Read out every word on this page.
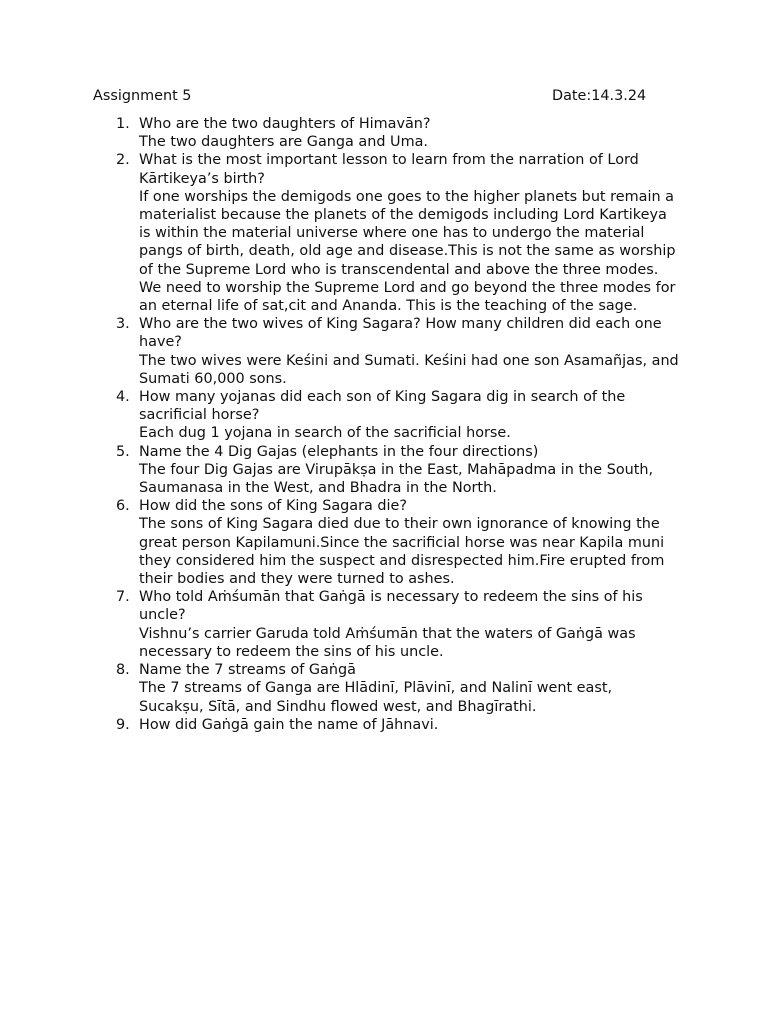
Assignment 5	Date:14.3.24
1. Who are the two daughters of Himavān?

The two daughters are Ganga and Uma.

2. What is the most important lesson to learn from the narration of Lord Kārtikeya’s birth?

If one worships the demigods one goes to the higher planets but remain a materialist because the planets of the demigods including Lord Kartikeya is within the material universe where one has to undergo the material pangs of birth, death, old age and disease.This is not the same as worship of the Supreme Lord who is transcendental and above the three modes. We need to worship the Supreme Lord and go beyond the three modes for an eternal life of sat,cit and Ananda. This is the teaching of the sage.

3. Who are the two wives of King Sagara? How many children did each one have?

The two wives were Keśini and Sumati. Keśini had one son Asamañjas, and Sumati 60,000 sons.

4. How many yojanas did each son of King Sagara dig in search of the sacrificial horse?

Each dug 1 yojana in search of the sacrificial horse.

5. Name the 4 Dig Gajas (elephants in the four directions)

The four Dig Gajas are Virupākṣa in the East, Mahāpadma in the South, Saumanasa in the West, and Bhadra in the North.

6. How did the sons of King Sagara die?

The sons of King Sagara died due to their own ignorance of knowing the great person Kapilamuni.Since the sacrificial horse was near Kapila muni they considered him the suspect and disrespected him.Fire erupted from their bodies and they were turned to ashes.

7. Who told Aṁśumān that Gaṅgā is necessary to redeem the sins of his uncle?

Vishnu’s carrier Garuda told Aṁśumān that the waters of Gaṅgā was necessary to redeem the sins of his uncle.

8. Name the 7 streams of Gaṅgā

The 7 streams of Ganga are Hlādinī, Plāvinī, and Nalinī went east, Sucakṣu, Sītā, and Sindhu flowed west, and Bhagīrathi.

9. How did Gaṅgā gain the name of Jāhnavi.
